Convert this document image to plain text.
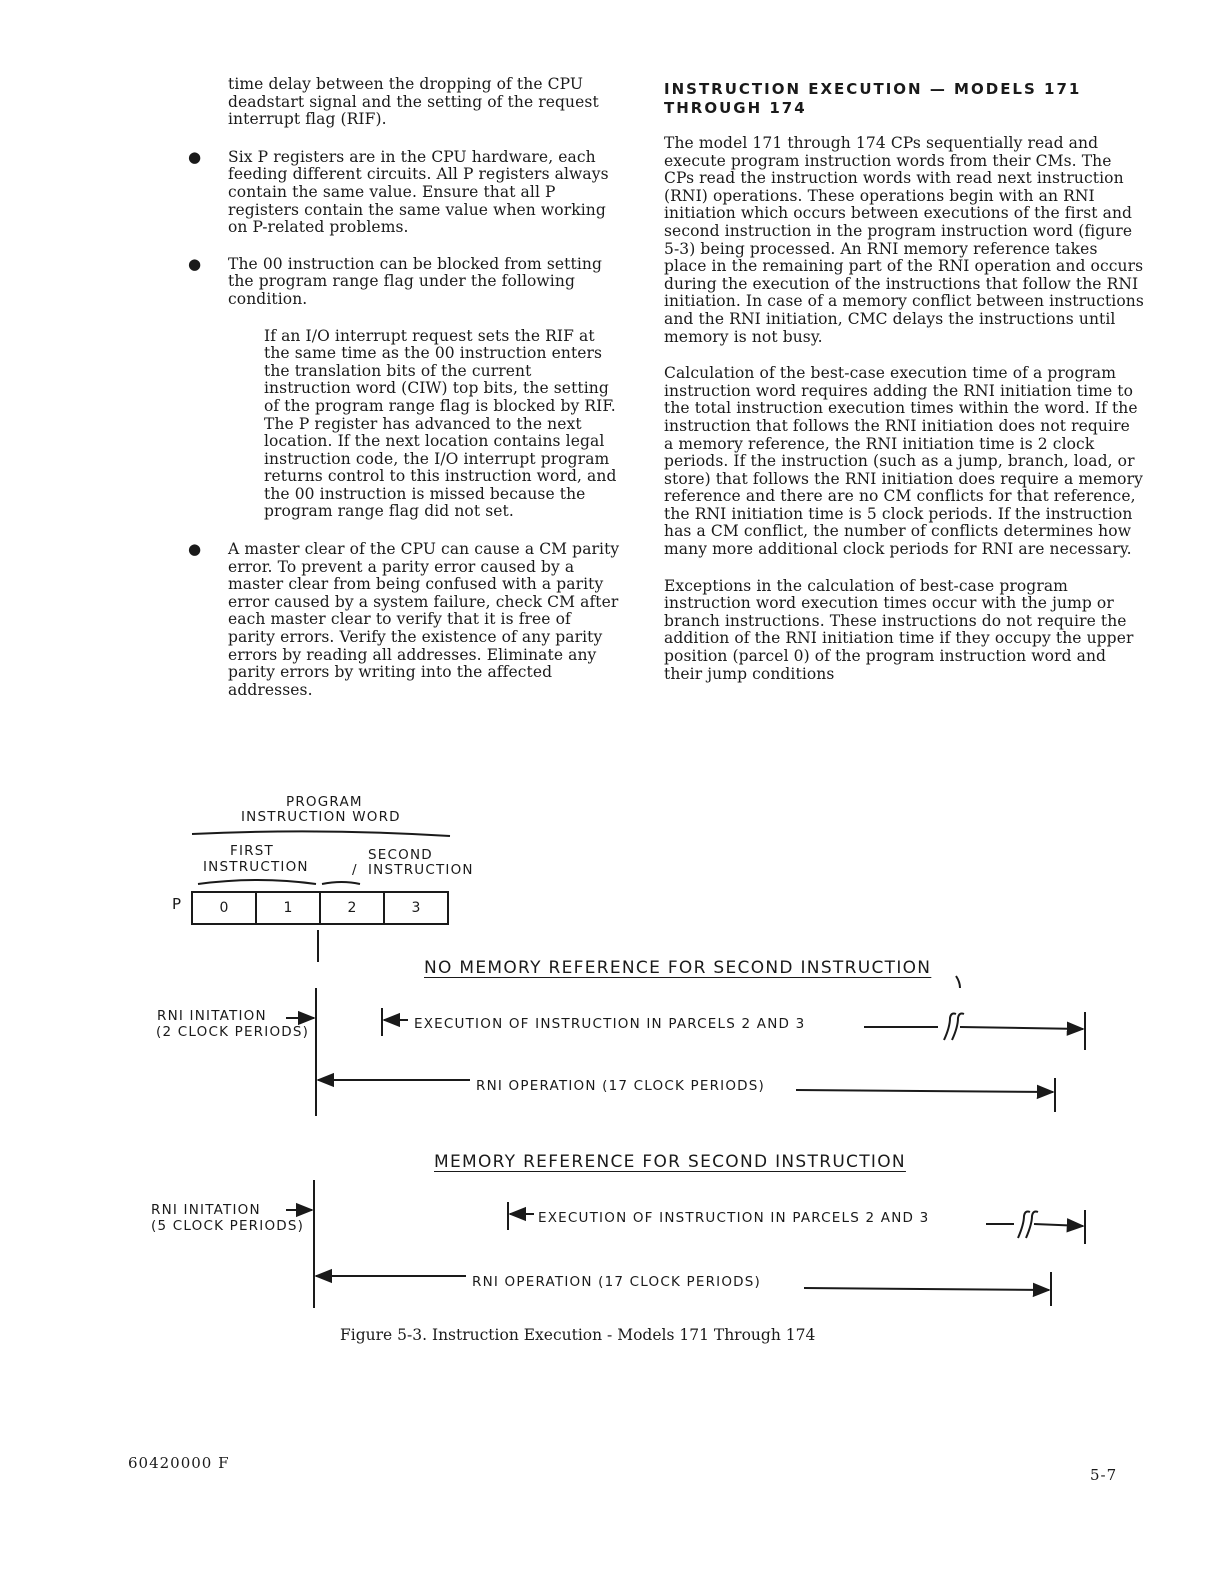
time delay between the dropping of the CPU deadstart signal and the setting of the request interrupt flag (RIF).

● Six P registers are in the CPU hardware, each feeding different circuits. All P registers always contain the same value. Ensure that all P registers contain the same value when working on P-related problems.

● The 00 instruction can be blocked from setting the program range flag under the following condition.

If an I/O interrupt request sets the RIF at the same time as the 00 instruction enters the translation bits of the current instruction word (CIW) top bits, the setting of the program range flag is blocked by RIF. The P register has advanced to the next location. If the next location contains legal instruction code, the I/O interrupt program returns control to this instruction word, and the 00 instruction is missed because the program range flag did not set.

● A master clear of the CPU can cause a CM parity error. To prevent a parity error caused by a master clear from being confused with a parity error caused by a system failure, check CM after each master clear to verify that it is free of parity errors. Verify the existence of any parity errors by reading all addresses. Eliminate any parity errors by writing into the affected addresses.

INSTRUCTION EXECUTION — MODELS 171 THROUGH 174

The model 171 through 174 CPs sequentially read and execute program instruction words from their CMs. The CPs read the instruction words with read next instruction (RNI) operations. These operations begin with an RNI initiation which occurs between executions of the first and second instruction in the program instruction word (figure 5-3) being processed. An RNI memory reference takes place in the remaining part of the RNI operation and occurs during the execution of the instructions that follow the RNI initiation. In case of a memory conflict between instructions and the RNI initiation, CMC delays the instructions until memory is not busy.

Calculation of the best-case execution time of a program instruction word requires adding the RNI initiation time to the total instruction execution times within the word. If the instruction that follows the RNI initiation does not require a memory reference, the RNI initiation time is 2 clock periods. If the instruction (such as a jump, branch, load, or store) that follows the RNI initiation does require a memory reference and there are no CM conflicts for that reference, the RNI initiation time is 5 clock periods. If the instruction has a CM conflict, the number of conflicts determines how many more additional clock periods for RNI are necessary.

Exceptions in the calculation of best-case program instruction word execution times occur with the jump or branch instructions. These instructions do not require the addition of the RNI initiation time if they occupy the upper position (parcel 0) of the program instruction word and their jump conditions

PROGRAM
INSTRUCTION WORD
FIRST
INSTRUCTION
SECOND
/ INSTRUCTION
P	0	1	2	3
NO MEMORY REFERENCE FOR SECOND INSTRUCTION
RNI INITATION
(2 CLOCK PERIODS)	EXECUTION OF INSTRUCTION IN PARCELS 2 AND 3
RNI OPERATION (17 CLOCK PERIODS)
MEMORY REFERENCE FOR SECOND INSTRUCTION
RNI INITATION
(5 CLOCK PERIODS)	EXECUTION OF INSTRUCTION IN PARCELS 2 AND 3
RNI OPERATION (17 CLOCK PERIODS)
Figure 5-3. Instruction Execution - Models 171 Through 174
60420000 F
5-7
